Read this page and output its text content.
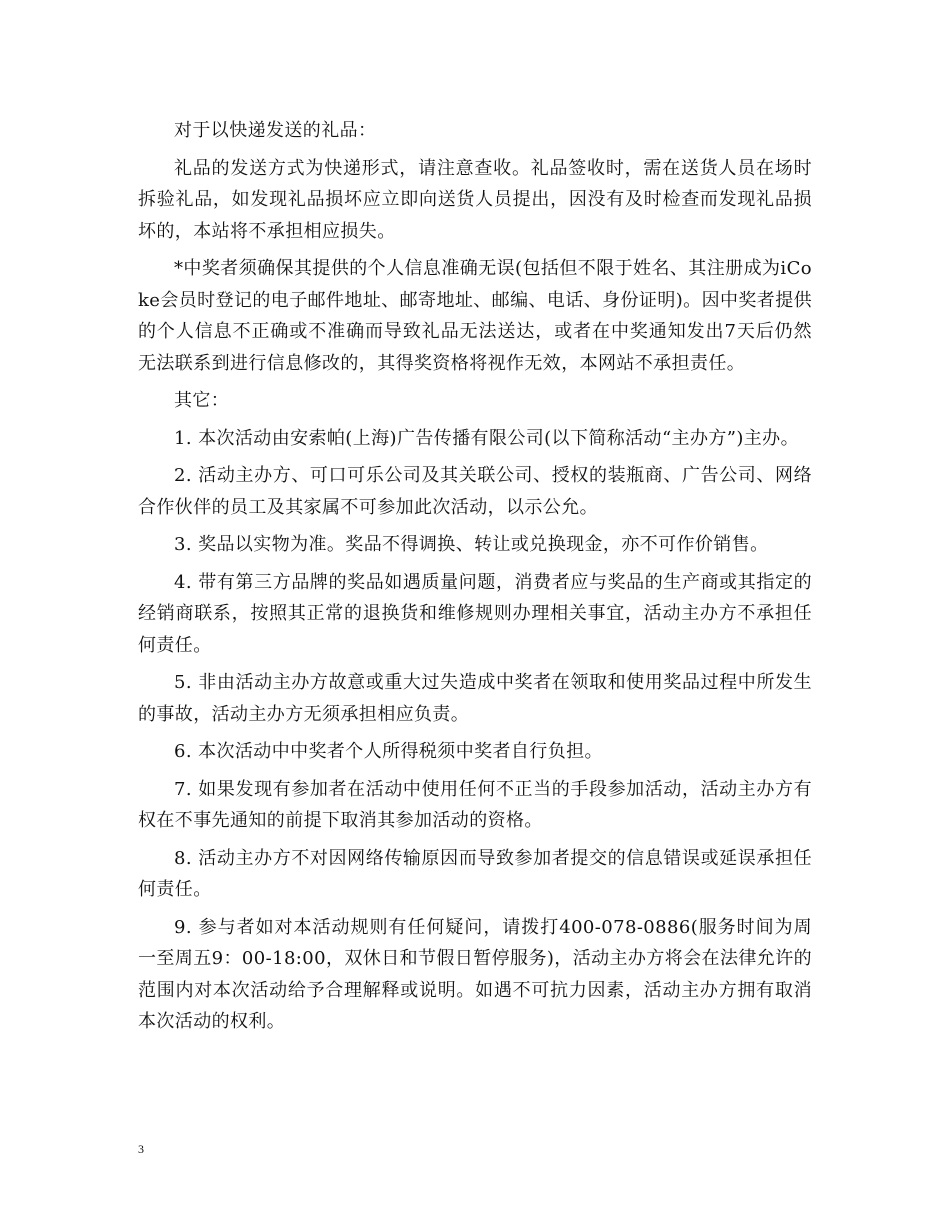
对于以快递发送的礼品：

礼品的发送方式为快递形式，请注意查收。礼品签收时，需在送货人员在场时拆验礼品，如发现礼品损坏应立即向送货人员提出，因没有及时检查而发现礼品损坏的，本站将不承担相应损失。

*中奖者须确保其提供的个人信息准确无误(包括但不限于姓名、其注册成为iCoke会员时登记的电子邮件地址、邮寄地址、邮编、电话、身份证明)。因中奖者提供的个人信息不正确或不准确而导致礼品无法送达，或者在中奖通知发出7天后仍然无法联系到进行信息修改的，其得奖资格将视作无效，本网站不承担责任。

其它：

1. 本次活动由安索帕(上海)广告传播有限公司(以下简称活动“主办方”)主办。

2. 活动主办方、可口可乐公司及其关联公司、授权的装瓶商、广告公司、网络合作伙伴的员工及其家属不可参加此次活动，以示公允。

3. 奖品以实物为准。奖品不得调换、转让或兑换现金，亦不可作价销售。

4. 带有第三方品牌的奖品如遇质量问题，消费者应与奖品的生产商或其指定的经销商联系，按照其正常的退换货和维修规则办理相关事宜，活动主办方不承担任何责任。

5. 非由活动主办方故意或重大过失造成中奖者在领取和使用奖品过程中所发生的事故，活动主办方无须承担相应负责。

6. 本次活动中中奖者个人所得税须中奖者自行负担。

7. 如果发现有参加者在活动中使用任何不正当的手段参加活动，活动主办方有权在不事先通知的前提下取消其参加活动的资格。

8. 活动主办方不对因网络传输原因而导致参加者提交的信息错误或延误承担任何责任。

9. 参与者如对本活动规则有任何疑问，请拨打400-078-0886(服务时间为周一至周五9：00-18:00，双休日和节假日暂停服务)，活动主办方将会在法律允许的范围内对本次活动给予合理解释或说明。如遇不可抗力因素，活动主办方拥有取消本次活动的权利。

3
